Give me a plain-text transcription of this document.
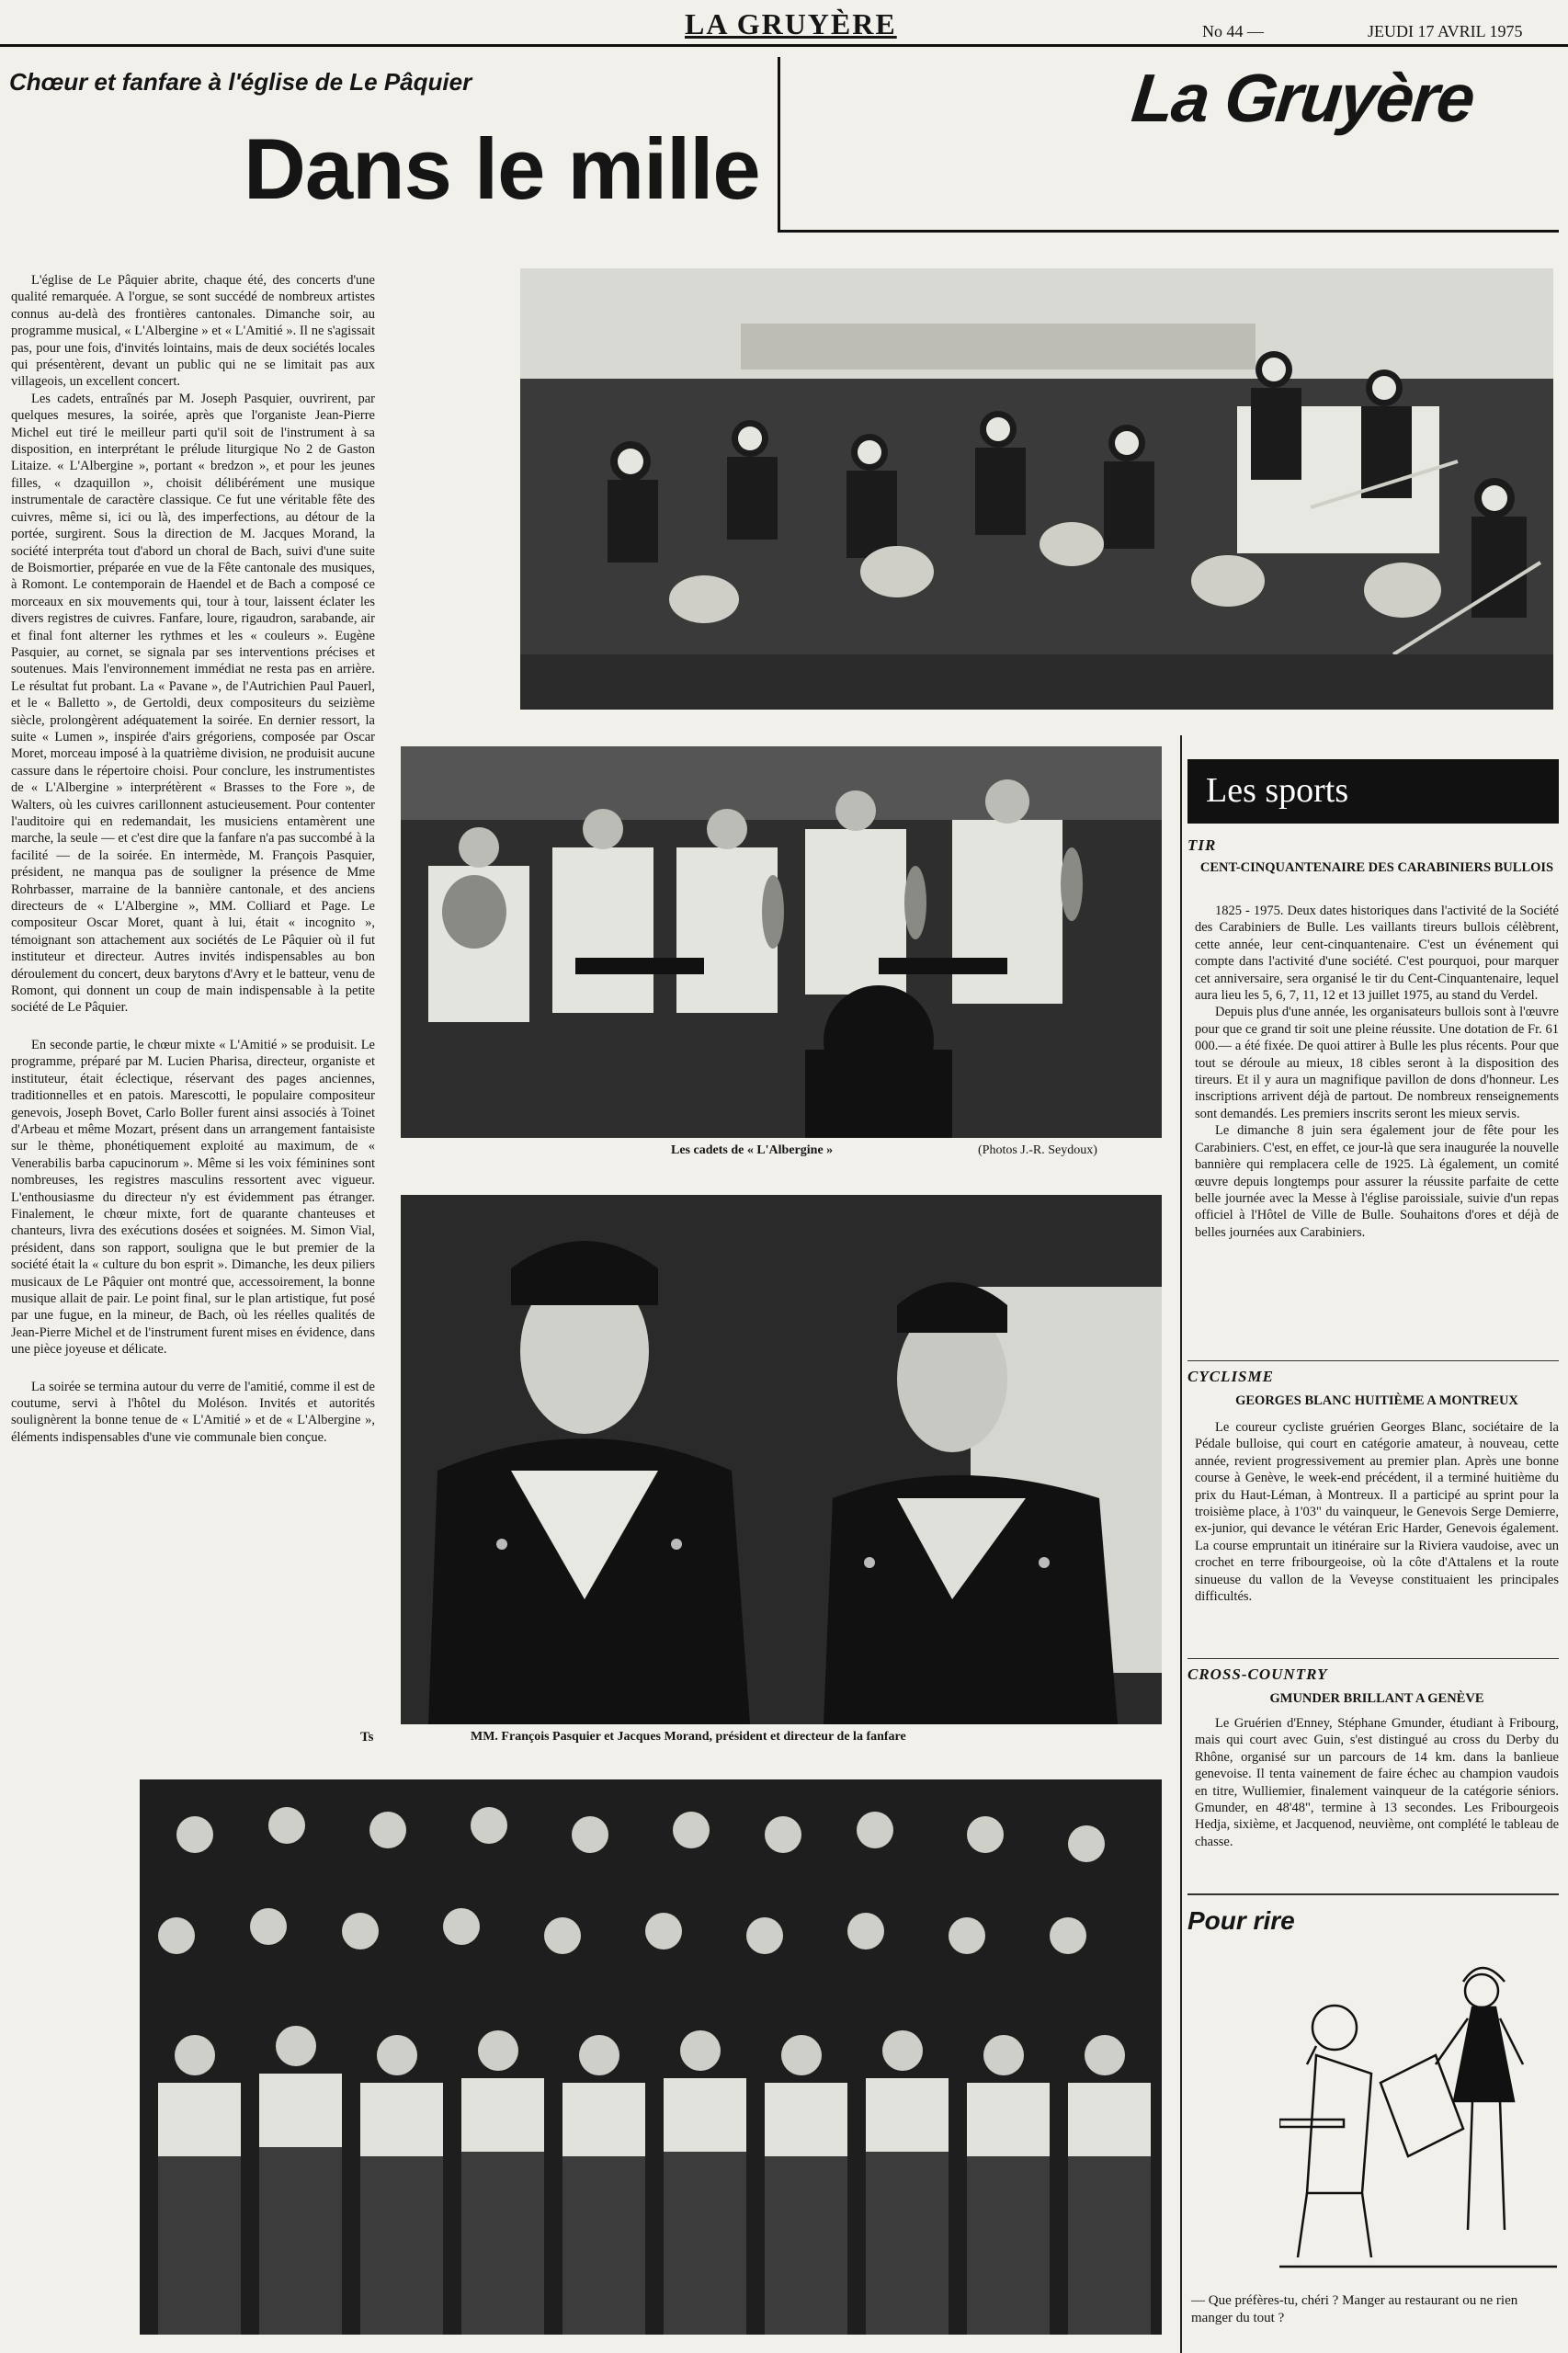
LA GRUYÈRE	No 44 —	JEUDI 17 AVRIL 1975
Chœur et fanfare à l'église de Le Pâquier
Dans le mille
La Gruyère

L'église de Le Pâquier abrite, chaque été, des concerts d'une qualité remarquée. A l'orgue, se sont succédé de nombreux artistes connus au-delà des frontières cantonales. Dimanche soir, au programme musical, « L'Albergine » et « L'Amitié ». Il ne s'agissait pas, pour une fois, d'invités lointains, mais de deux sociétés locales qui présentèrent, devant un public qui ne se limitait pas aux villageois, un excellent concert.

Les cadets, entraînés par M. Joseph Pasquier, ouvrirent, par quelques mesures, la soirée, après que l'organiste Jean-Pierre Michel eut tiré le meilleur parti qu'il soit de l'instrument à sa disposition, en interprétant le prélude liturgique No 2 de Gaston Litaize. « L'Albergine », portant « bredzon », et pour les jeunes filles, « dzaquillon », choisit délibérément une musique instrumentale de caractère classique. Ce fut une véritable fête des cuivres, même si, ici ou là, des imperfections, au détour de la portée, surgirent. Sous la direction de M. Jacques Morand, la société interpréta tout d'abord un choral de Bach, suivi d'une suite de Boismortier, préparée en vue de la Fête cantonale des musiques, à Romont. Le contemporain de Haendel et de Bach a composé ce morceaux en six mouvements qui, tour à tour, laissent éclater les divers registres de cuivres. Fanfare, loure, rigaudron, sarabande, air et final font alterner les rythmes et les « couleurs ». Eugène Pasquier, au cornet, se signala par ses interventions précises et soutenues. Mais l'environnement immédiat ne resta pas en arrière. Le résultat fut probant. La « Pavane », de l'Autrichien Paul Pauerl, et le « Balletto », de Gertoldi, deux compositeurs du seizième siècle, prolongèrent adéquatement la soirée. En dernier ressort, la suite « Lumen », inspirée d'airs grégoriens, composée par Oscar Moret, morceau imposé à la quatrième division, ne produisit aucune cassure dans le répertoire choisi. Pour conclure, les instrumentistes de « L'Albergine » interprétèrent « Brasses to the Fore », de Walters, où les cuivres carillonnent astucieusement. Pour contenter l'auditoire qui en redemandait, les musiciens entamèrent une marche, la seule — et c'est dire que la fanfare n'a pas succombé à la facilité — de la soirée. En intermède, M. François Pasquier, président, ne manqua pas de souligner la présence de Mme Rohrbasser, marraine de la bannière cantonale, et des anciens directeurs de « L'Albergine », MM. Colliard et Page. Le compositeur Oscar Moret, quant à lui, était « incognito », témoignant son attachement aux sociétés de Le Pâquier où il fut instituteur et directeur. Autres invités indispensables au bon déroulement du concert, deux barytons d'Avry et le batteur, venu de Romont, qui donnent un coup de main indispensable à la petite société de Le Pâquier.

En seconde partie, le chœur mixte « L'Amitié » se produisit. Le programme, préparé par M. Lucien Pharisa, directeur, organiste et instituteur, était éclectique, réservant des pages anciennes, traditionnelles et en patois. Marescotti, le populaire compositeur genevois, Joseph Bovet, Carlo Boller furent ainsi associés à Toinet d'Arbeau et même Mozart, présent dans un arrangement fantaisiste sur le thème, phonétiquement exploité au maximum, de « Venerabilis barba capucinorum ». Même si les voix féminines sont nombreuses, les registres masculins ressortent avec vigueur. L'enthousiasme du directeur n'y est évidemment pas étranger. Finalement, le chœur mixte, fort de quarante chanteuses et chanteurs, livra des exécutions dosées et soignées. M. Simon Vial, président, dans son rapport, souligna que le but premier de la société était la « culture du bon esprit ». Dimanche, les deux piliers musicaux de Le Pâquier ont montré que, accessoirement, la bonne musique allait de pair. Le point final, sur le plan artistique, fut posé par une fugue, en la mineur, de Bach, où les réelles qualités de Jean-Pierre Michel et de l'instrument furent mises en évidence, dans une pièce joyeuse et délicate.

La soirée se termina autour du verre de l'amitié, comme il est de coutume, servi à l'hôtel du Moléson. Invités et autorités soulignèrent la bonne tenue de « L'Amitié » et de « L'Albergine », éléments indispensables d'une vie communale bien conçue.

Ts
Les cadets de « L'Albergine »	(Photos J.-R. Seydoux)
MM. François Pasquier et Jacques Morand, président et directeur de la fanfare
Les sports
TIR
CENT-CINQUANTENAIRE DES CARABINIERS BULLOIS

1825 - 1975. Deux dates historiques dans l'activité de la Société des Carabiniers de Bulle. Les vaillants tireurs bullois célèbrent, cette année, leur cent-cinquantenaire. C'est un événement qui compte dans l'activité d'une société. C'est pourquoi, pour marquer cet anniversaire, sera organisé le tir du Cent-Cinquantenaire, lequel aura lieu les 5, 6, 7, 11, 12 et 13 juillet 1975, au stand du Verdel.

Depuis plus d'une année, les organisateurs bullois sont à l'œuvre pour que ce grand tir soit une pleine réussite. Une dotation de Fr. 61 000.— a été fixée. De quoi attirer à Bulle les plus récents. Pour que tout se déroule au mieux, 18 cibles seront à la disposition des tireurs. Et il y aura un magnifique pavillon de dons d'honneur. Les inscriptions arrivent déjà de partout. De nombreux renseignements sont demandés. Les premiers inscrits seront les mieux servis.

Le dimanche 8 juin sera également jour de fête pour les Carabiniers. C'est, en effet, ce jour-là que sera inaugurée la nouvelle bannière qui remplacera celle de 1925. Là également, un comité œuvre depuis longtemps pour assurer la réussite parfaite de cette belle journée avec la Messe à l'église paroissiale, suivie d'un repas officiel à l'Hôtel de Ville de Bulle. Souhaitons d'ores et déjà de belles journées aux Carabiniers.

CYCLISME
GEORGES BLANC HUITIÈME A MONTREUX

Le coureur cycliste gruérien Georges Blanc, sociétaire de la Pédale bulloise, qui court en catégorie amateur, à nouveau, cette année, revient progressivement au premier plan. Après une bonne course à Genève, le week-end précédent, il a terminé huitième du prix du Haut-Léman, à Montreux. Il a participé au sprint pour la troisième place, à 1'03" du vainqueur, le Genevois Serge Demierre, ex-junior, qui devance le vétéran Eric Harder, Genevois également. La course empruntait un itinéraire sur la Riviera vaudoise, avec un crochet en terre fribourgeoise, où la côte d'Attalens et la route sinueuse du vallon de la Veveyse constituaient les principales difficultés.

CROSS-COUNTRY
GMUNDER BRILLANT A GENÈVE

Le Gruérien d'Enney, Stéphane Gmunder, étudiant à Fribourg, mais qui court avec Guin, s'est distingué au cross du Derby du Rhône, organisé sur un parcours de 14 km. dans la banlieue genevoise. Il tenta vainement de faire échec au champion vaudois en titre, Wulliemier, finalement vainqueur de la catégorie séniors. Gmunder, en 48'48", termine à 13 secondes. Les Fribourgeois Hedja, sixième, et Jacquenod, neuvième, ont complété le tableau de chasse.

Pour rire
— Que préfères-tu, chéri ? Manger au restaurant ou ne rien manger du tout ?
